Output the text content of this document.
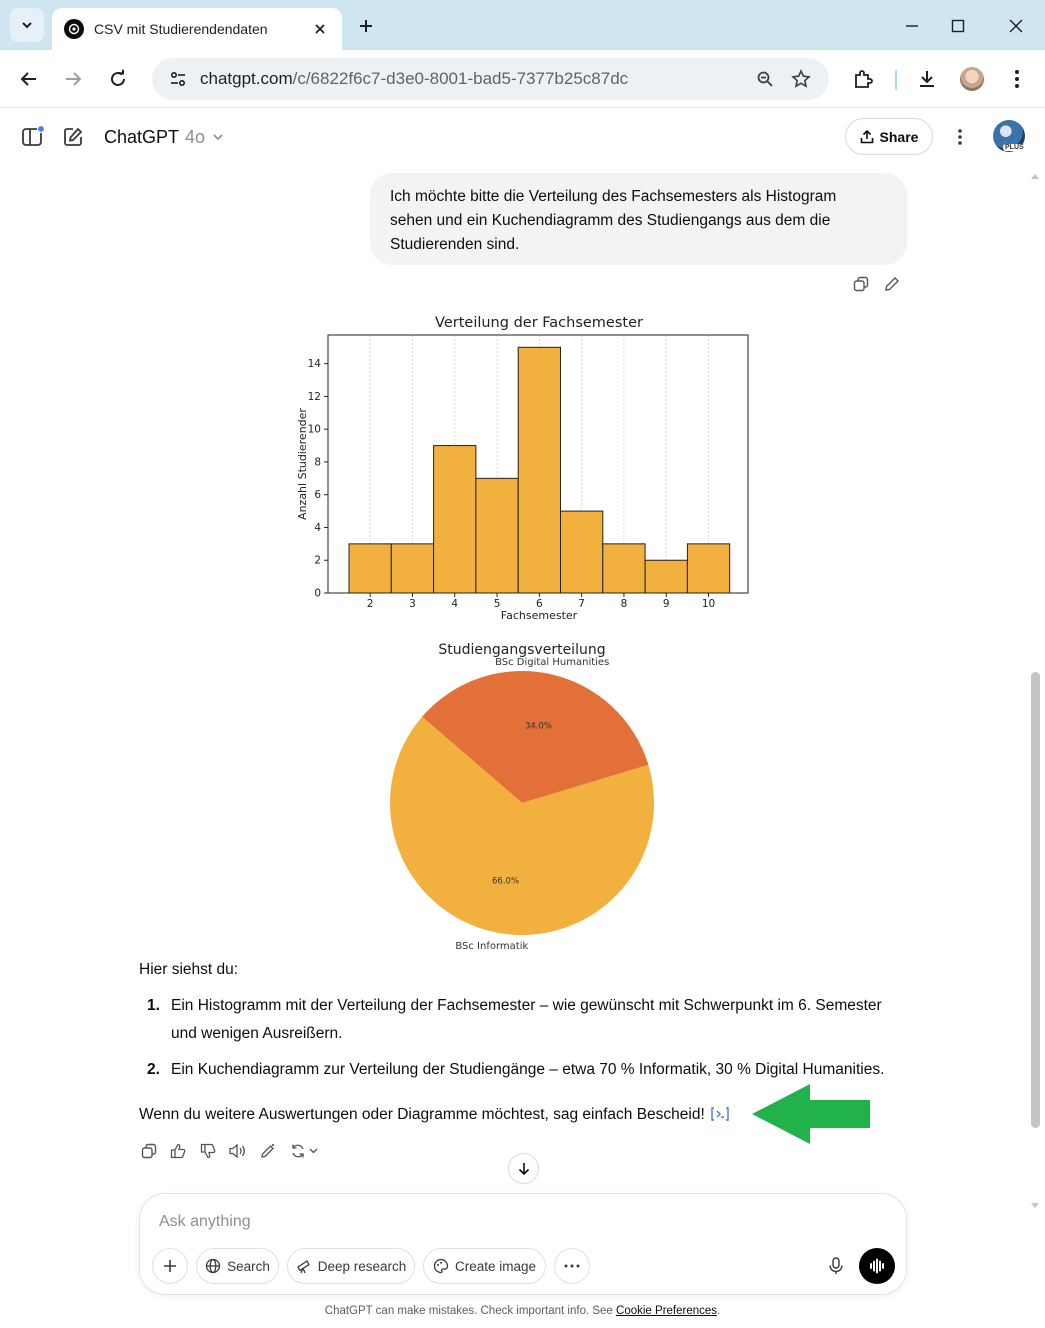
CSV mit Studierendendaten
chatgpt.com/c/6822f6c7-d3e0-8001-bad5-7377b25c87dc
ChatGPT 4o	Share
PLUS
Ich möchte bitte die Verteilung des Fachsemesters als Histogram
sehen und ein Kuchendiagramm des Studiengangs aus dem die
Studierenden sind.
Verteilung der Fachsemester
0
2
4
6
8
10
12
14
2	3	4	5	6	7	8	9	10
Fachsemester
Anzahl Studierender
Studiengangsverteilung
34.0%
BSc Digital Humanities
66.0%
BSc Informatik
Hier siehst du:
1. Ein Histogramm mit der Verteilung der Fachsemester – wie gewünscht mit Schwerpunkt im 6. Semester
und wenigen Ausreißern.
2. Ein Kuchendiagramm zur Verteilung der Studiengänge – etwa 70 % Informatik, 30 % Digital Humanities.
Wenn du weitere Auswertungen oder Diagramme möchtest, sag einfach Bescheid!
Ask anything
Search	Deep research	Create image
ChatGPT can make mistakes. Check important info. See Cookie Preferences.
